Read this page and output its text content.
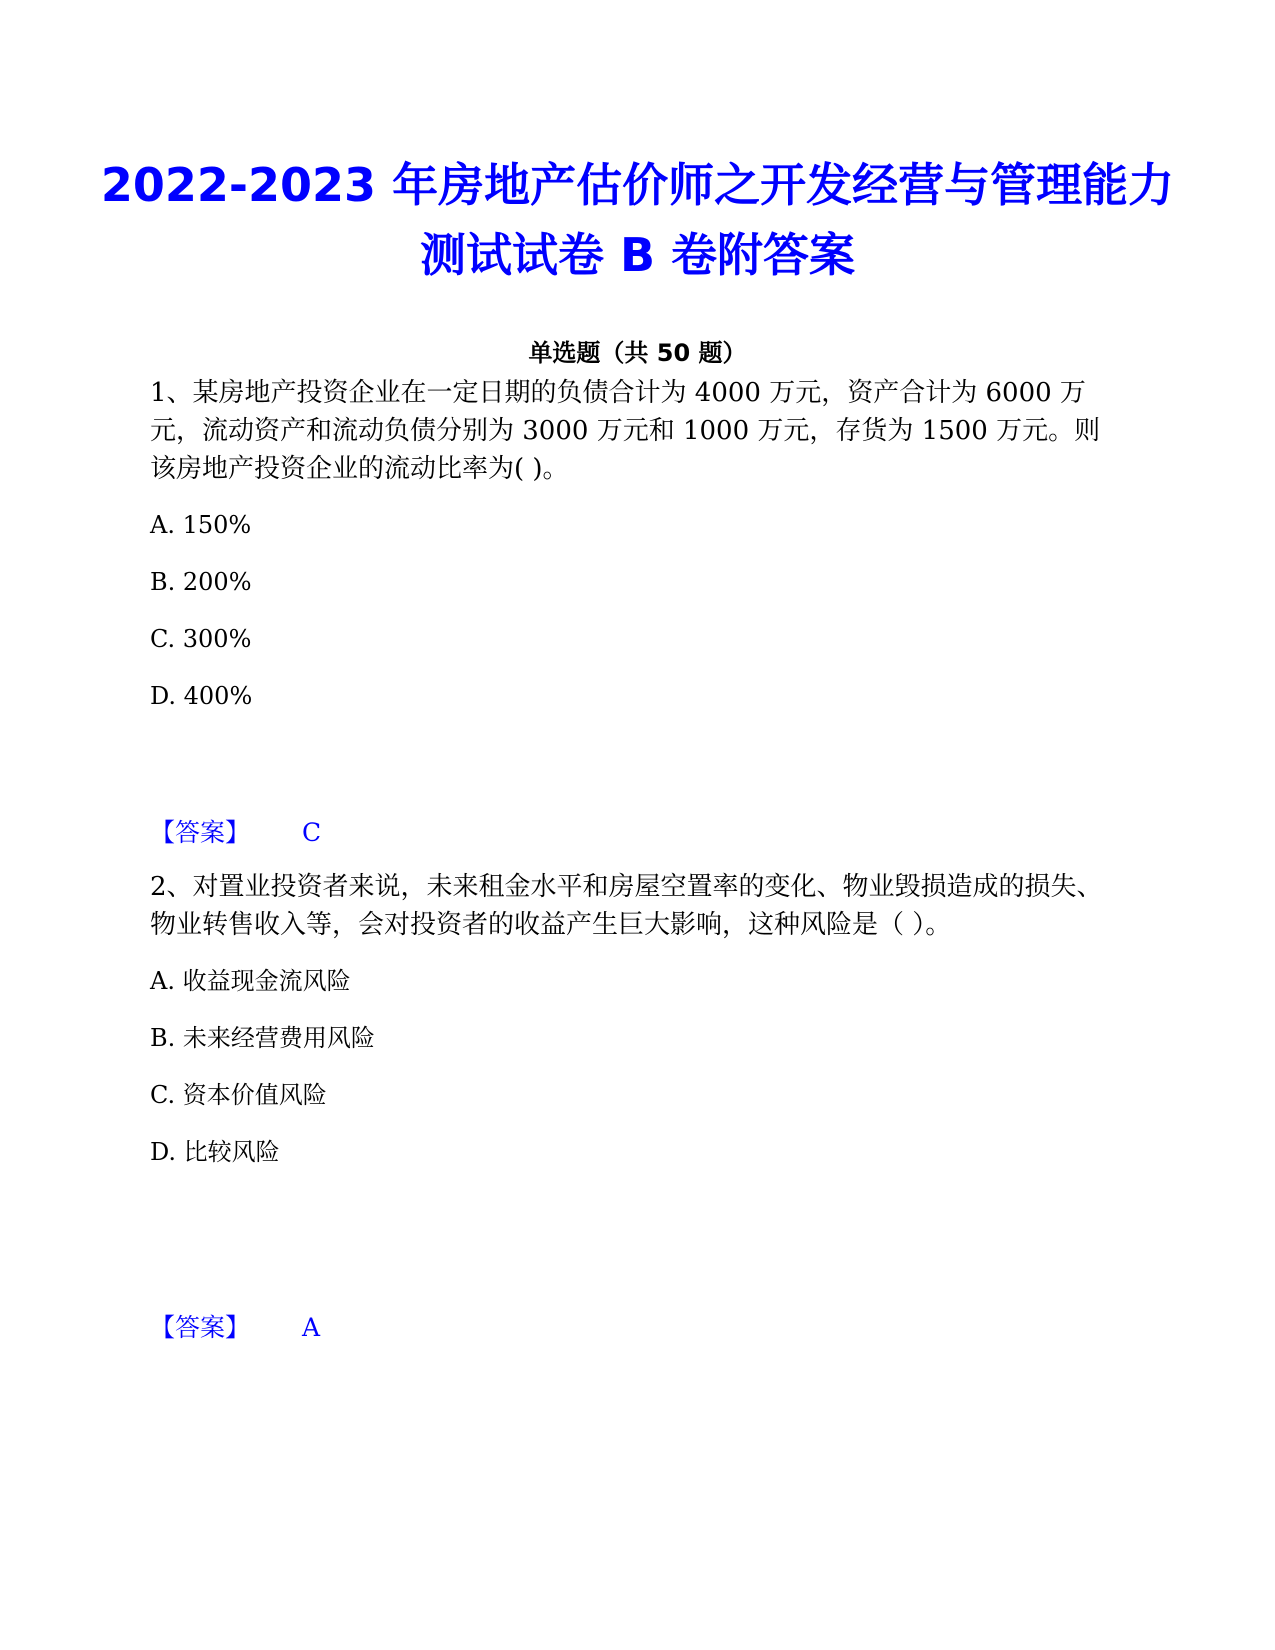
2022-2023 年房地产估价师之开发经营与管理能力测试试卷 B 卷附答案
单选题（共 50 题）

1、某房地产投资企业在一定日期的负债合计为 4000 万元，资产合计为 6000 万元，流动资产和流动负债分别为 3000 万元和 1000 万元，存货为 1500 万元。则该房地产投资企业的流动比率为( )。

A. 150%

B. 200%

C. 300%

D. 400%

【答案】 C

2、对置业投资者来说，未来租金水平和房屋空置率的变化、物业毁损造成的损失、物业转售收入等，会对投资者的收益产生巨大影响，这种风险是（ ）。

A. 收益现金流风险

B. 未来经营费用风险

C. 资本价值风险

D. 比较风险

【答案】 A
